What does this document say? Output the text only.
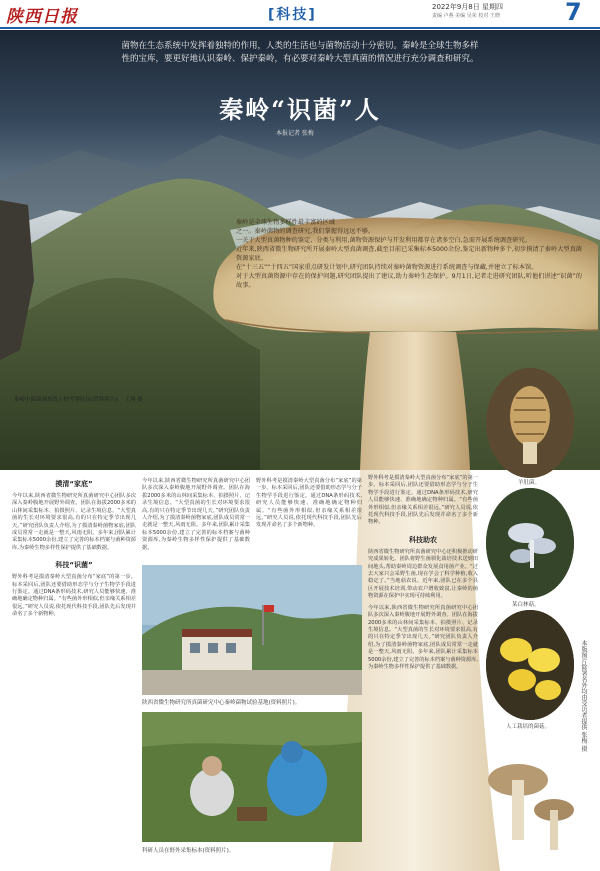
陕西日报	[科技]	2022年9月8日 星期四
责编 卢燕 美编 吴荣 校对 王晓	7
菌物在生态系统中发挥着独特的作用，人类的生活也与菌物活动十分密切。秦岭是全球生物多样性的宝库，要更好地认识秦岭、保护秦岭，有必要对秦岭大型真菌的情况进行充分调查和研究。
秦岭“识菌”人
本报记者 张梅
秦岭中菌菌调查线上的考察队伍(资料照片)。 王翔 摄
秦岭是全球生物多样性最丰富的区域
之一。秦岭菌物的调查研究,我们掌握得远远不够。
一关于大型真菌物种的鉴定、分类与利用,菌物资源保护与开发利用都存在诸多空白,急需开展系统调查研究。
近年来,陕西省微生物研究所开展秦岭大型真菌调查,截至目前已采集标本5000余份,鉴定出新物种多个,初步摸清了秦岭大型真菌资源家底。
在“十三五”“十四五”国家重点研发计划中,研究团队持续对秦岭菌物资源进行系统调查与保藏,并建立了标本馆。
对于大型真菌资源中存在的保护问题,研究团队提出了建议,助力秦岭生态保护。9月1日,记者走进研究团队,听他们讲述“识菌”的故事。
摸清“家底”
今年以来,陕西省微生物研究所真菌研究中心团队多次深入秦岭腹地开展野外调查。团队在海拔2000多米的山林间采集标本、拍摄照片、记录生境信息。“大型真菌的生长对环境要求很高,有的只在特定季节出现几天。”研究团队负责人介绍,为了摸清秦岭菌物家底,团队成员常常一走就是一整天,风雨无阻。多年来,团队累计采集标本5000余份,建立了完善的标本档案与菌种资源库,为秦岭生物多样性保护提供了基础数据。
科技“识菌”
野外科考是摸清秦岭大型真菌分布“家底”的第一步。标本采回后,团队还要借助形态学与分子生物学手段进行鉴定。通过DNA条形码技术,研究人员能够快速、准确地确定物种归属。“有些菌外形相似,但亲缘关系相差很远。”研究人员说,依托现代科技手段,团队先后发现并命名了多个新物种。
今年以来,陕西省微生物研究所真菌研究中心团队多次深入秦岭腹地开展野外调查。团队在海拔2000多米的山林间采集标本、拍摄照片、记录生境信息。“大型真菌的生长对环境要求很高,有的只在特定季节出现几天。”研究团队负责人介绍,为了摸清秦岭菌物家底,团队成员常常一走就是一整天,风雨无阻。多年来,团队累计采集标本5000余份,建立了完善的标本档案与菌种资源库,为秦岭生物多样性保护提供了基础数据。
野外科考是摸清秦岭大型真菌分布“家底”的第一步。标本采回后,团队还要借助形态学与分子生物学手段进行鉴定。通过DNA条形码技术,研究人员能够快速、准确地确定物种归属。“有些菌外形相似,但亲缘关系相差很远。”研究人员说,依托现代科技手段,团队先后发现并命名了多个新物种。
陕西省微生物研究所真菌研究中心秦岭菌物试验基地(资料照片)。
科研人员在野外采集标本(资料照片)。
野外科考是摸清秦岭大型真菌分布“家底”的第一步。标本采回后,团队还要借助形态学与分子生物学手段进行鉴定。通过DNA条形码技术,研究人员能够快速、准确地确定物种归属。“有些菌外形相似,但亲缘关系相差很远。”研究人员说,依托现代科技手段,团队先后发现并命名了多个新物种。
科技助农
陕西省微生物研究所真菌研究中心还积极推动研究成果转化。团队将野生菌驯化栽培技术送到田间地头,帮助秦岭周边群众发展食用菌产业。“过去大家只会采野生菌,现在学会了科学种植,收入稳定了。”当地菇农说。近年来,团队已在多个县区开展技术培训,带动农户增收致富,让秦岭的菌物资源在保护中实现可持续利用。
今年以来,陕西省微生物研究所真菌研究中心团队多次深入秦岭腹地开展野外调查。团队在海拔2000多米的山林间采集标本、拍摄照片、记录生境信息。“大型真菌的生长对环境要求很高,有的只在特定季节出现几天。”研究团队负责人介绍,为了摸清秦岭菌物家底,团队成员常常一走就是一整天,风雨无阻。多年来,团队累计采集标本5000余份,建立了完善的标本档案与菌种资源库,为秦岭生物多样性保护提供了基础数据。
羊肚菌。
某白林菇。
人工栽培的菌菇。	本版图片除署名外均由受访者提供 张梅 摄
